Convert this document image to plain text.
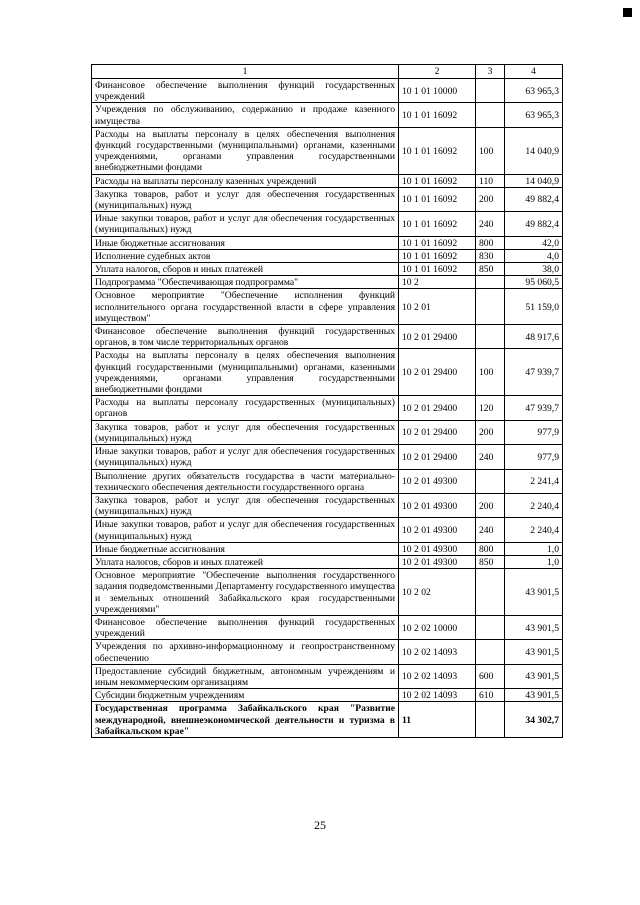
1	2	3	4
Финансовое обеспечение выполнения функций государственных учреждений	10 1 01 10000		63 965,3
Учреждения по обслуживанию, содержанию и продаже казенного имущества	10 1 01 16092		63 965,3
Расходы на выплаты персоналу в целях обеспечения выполнения функций государственными (муниципальными) органами, казенными учреждениями, органами управления государственными внебюджетными фондами	10 1 01 16092	100	14 040,9
Расходы на выплаты персоналу казенных учреждений	10 1 01 16092	110	14 040,9
Закупка товаров, работ и услуг для обеспечения государственных (муниципальных) нужд	10 1 01 16092	200	49 882,4
Иные закупки товаров, работ и услуг для обеспечения государственных (муниципальных) нужд	10 1 01 16092	240	49 882,4
Иные бюджетные ассигнования	10 1 01 16092	800	42,0
Исполнение судебных актов	10 1 01 16092	830	4,0
Уплата налогов, сборов и иных платежей	10 1 01 16092	850	38,0
Подпрограмма "Обеспечивающая подпрограмма"	10 2		95 060,5
Основное мероприятие "Обеспечение исполнения функций исполнительного органа государственной власти в сфере управления имуществом"	10 2 01		51 159,0
Финансовое обеспечение выполнения функций государственных органов, в том числе территориальных органов	10 2 01 29400		48 917,6
Расходы на выплаты персоналу в целях обеспечения выполнения функций государственными (муниципальными) органами, казенными учреждениями, органами управления государственными внебюджетными фондами	10 2 01 29400	100	47 939,7
Расходы на выплаты персоналу государственных (муниципальных) органов	10 2 01 29400	120	47 939,7
Закупка товаров, работ и услуг для обеспечения государственных (муниципальных) нужд	10 2 01 29400	200	977,9
Иные закупки товаров, работ и услуг для обеспечения государственных (муниципальных) нужд	10 2 01 29400	240	977,9
Выполнение других обязательств государства в части материально-технического обеспечения деятельности государственного органа	10 2 01 49300		2 241,4
Закупка товаров, работ и услуг для обеспечения государственных (муниципальных) нужд	10 2 01 49300	200	2 240,4
Иные закупки товаров, работ и услуг для обеспечения государственных (муниципальных) нужд	10 2 01 49300	240	2 240,4
Иные бюджетные ассигнования	10 2 01 49300	800	1,0
Уплата налогов, сборов и иных платежей	10 2 01 49300	850	1,0
Основное мероприятие "Обеспечение выполнения государственного задания подведомственными Департаменту государственного имущества и земельных отношений Забайкальского края государственными учреждениями"	10 2 02		43 901,5
Финансовое обеспечение выполнения функций государственных учреждений	10 2 02 10000		43 901,5
Учреждения по архивно-информационному и геопространственному обеспечению	10 2 02 14093		43 901,5
Предоставление субсидий бюджетным, автономным учреждениям и иным некоммерческим организациям	10 2 02 14093	600	43 901,5
Субсидии бюджетным учреждениям	10 2 02 14093	610	43 901,5
Государственная программа Забайкальского края "Развитие международной, внешнеэкономической деятельности и туризма в Забайкальском крае"	11		34 302,7
25
